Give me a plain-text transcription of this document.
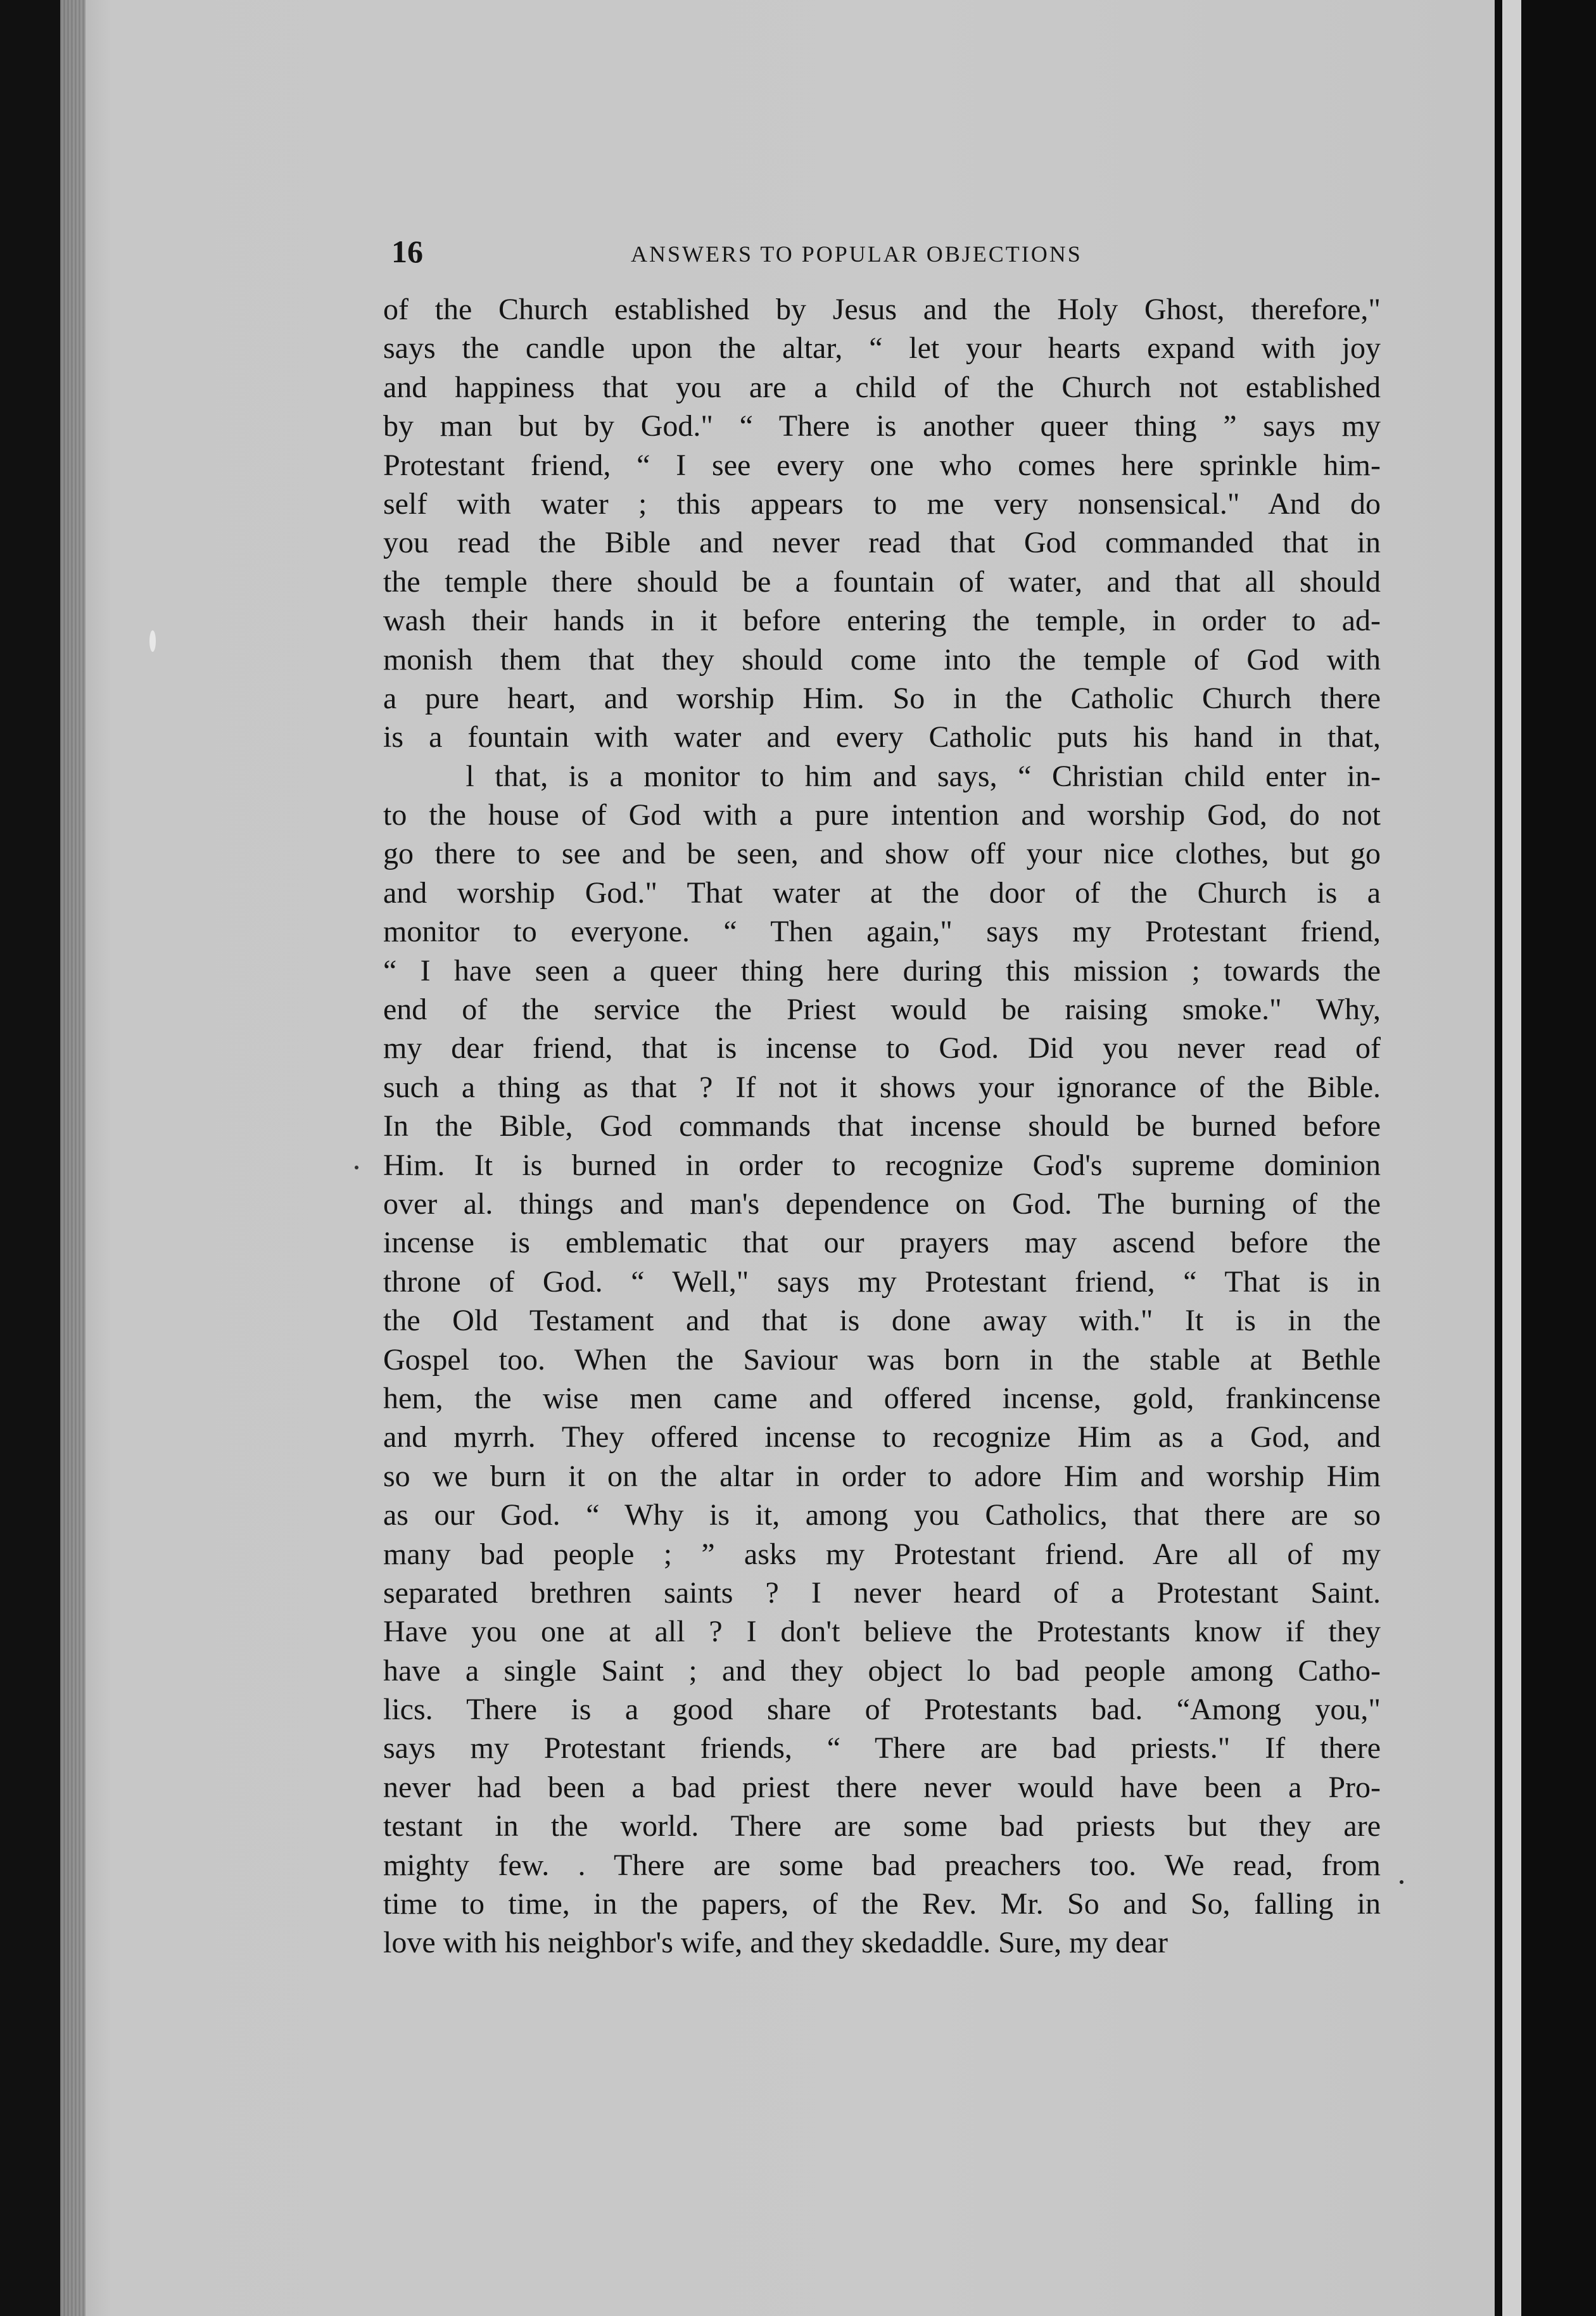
16	ANSWERS TO POPULAR OBJECTIONS
of the Church established by Jesus and the Holy Ghost, therefore,"
says the candle upon the altar, “ let your hearts expand with joy
and happiness that you are a child of the Church not established
by man but by God." “ There is another queer thing ” says my
Protestant friend, “ I see every one who comes here sprinkle him-
self with water ; this appears to me very nonsensical." And do
you read the Bible and never read that God commanded that in
the temple there should be a fountain of water, and that all should
wash their hands in it before entering the temple, in order to ad-
monish them that they should come into the temple of God with
a pure heart, and worship Him. So in the Catholic Church there
is a fountain with water and every Catholic puts his hand in that,
l that, is a monitor to him and says, “ Christian child enter in-
to the house of God with a pure intention and worship God, do not
go there to see and be seen, and show off your nice clothes, but go
and worship God." That water at the door of the Church is a
monitor to everyone. “ Then again," says my Protestant friend,
“ I have seen a queer thing here during this mission ; towards the
end of the service the Priest would be raising smoke." Why,
my dear friend, that is incense to God. Did you never read of
such a thing as that ? If not it shows your ignorance of the Bible.
In the Bible, God commands that incense should be burned before
Him. It is burned in order to recognize God's supreme dominion
over al. things and man's dependence on God. The burning of the
incense is emblematic that our prayers may ascend before the
throne of God. “ Well," says my Protestant friend, “ That is in
the Old Testament and that is done away with." It is in the
Gospel too. When the Saviour was born in the stable at Bethle
hem, the wise men came and offered incense, gold, frankincense
and myrrh. They offered incense to recognize Him as a God, and
so we burn it on the altar in order to adore Him and worship Him
as our God. “ Why is it, among you Catholics, that there are so
many bad people ; ” asks my Protestant friend. Are all of my
separated brethren saints ? I never heard of a Protestant Saint.
Have you one at all ? I don't believe the Protestants know if they
have a single Saint ; and they object lo bad people among Catho-
lics. There is a good share of Protestants bad. “Among you,"
says my Protestant friends, “ There are bad priests." If there
never had been a bad priest there never would have been a Pro-
testant in the world. There are some bad priests but they are
mighty few. . There are some bad preachers too. We read, from
time to time, in the papers, of the Rev. Mr. So and So, falling in
love with his neighbor's wife, and they skedaddle. Sure, my dear
